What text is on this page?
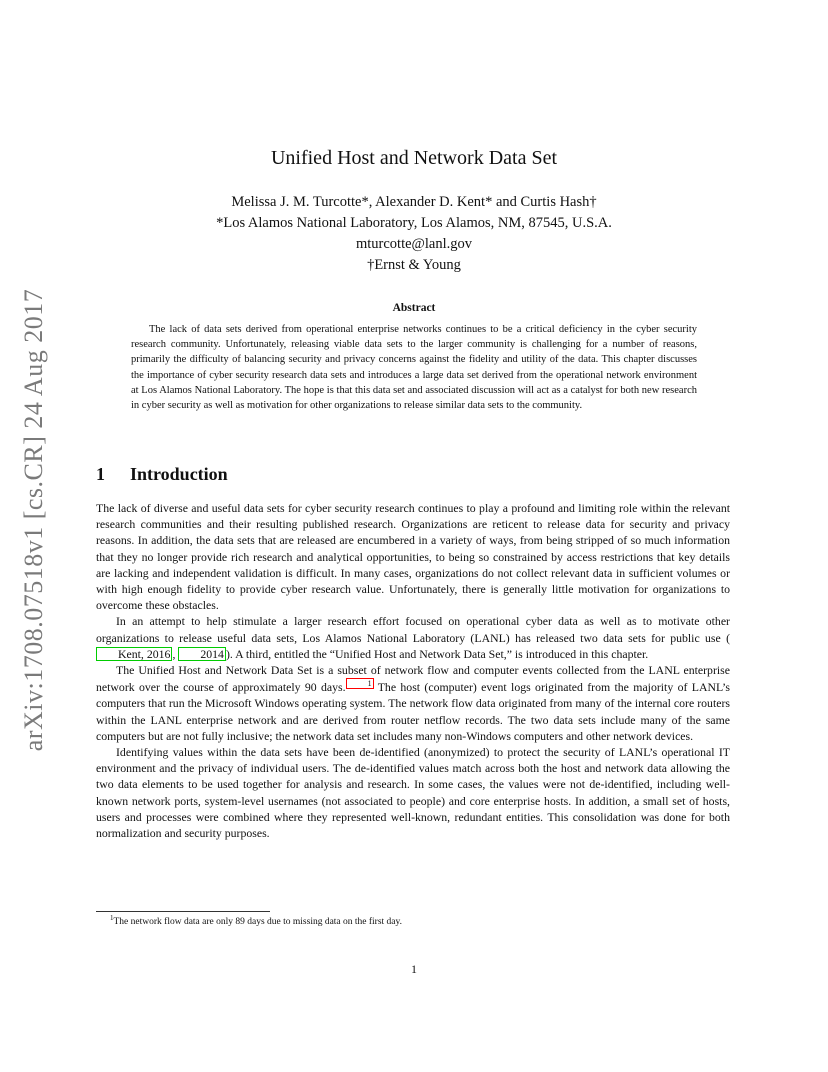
arXiv:1708.07518v1 [cs.CR] 24 Aug 2017
Unified Host and Network Data Set
Melissa J. M. Turcotte*, Alexander D. Kent* and Curtis Hash†
*Los Alamos National Laboratory, Los Alamos, NM, 87545, U.S.A.
mturcotte@lanl.gov
†Ernst & Young
Abstract
The lack of data sets derived from operational enterprise networks continues to be a critical deficiency in the cyber security research community. Unfortunately, releasing viable data sets to the larger community is challenging for a number of reasons, primarily the difficulty of balancing security and privacy concerns against the fidelity and utility of the data. This chapter discusses the importance of cyber security research data sets and introduces a large data set derived from the operational network environment at Los Alamos National Laboratory. The hope is that this data set and associated discussion will act as a catalyst for both new research in cyber security as well as motivation for other organizations to release similar data sets to the community.
1 Introduction

The lack of diverse and useful data sets for cyber security research continues to play a profound and limiting role within the relevant research communities and their resulting published research. Organizations are reticent to release data for security and privacy reasons. In addition, the data sets that are released are encumbered in a variety of ways, from being stripped of so much information that they no longer provide rich research and analytical opportunities, to being so constrained by access restrictions that key details are lacking and independent validation is difficult. In many cases, organizations do not collect relevant data in sufficient volumes or with high enough fidelity to provide cyber research value. Unfortunately, there is generally little motivation for organizations to overcome these obstacles.

In an attempt to help stimulate a larger research effort focused on operational cyber data as well as to motivate other organizations to release useful data sets, Los Alamos National Laboratory (LANL) has released two data sets for public use (Kent, 2016 , 2014 ). A third, entitled the “Unified Host and Network Data Set,” is introduced in this chapter.

The Unified Host and Network Data Set is a subset of network flow and computer events collected from the LANL enterprise network over the course of approximately 90 days.	1 The host (computer) event logs originated from the majority of LANL’s computers that run the Microsoft Windows operating system. The network flow data originated from many of the internal core routers within the LANL enterprise network and are derived from router netflow records. The two data sets include many of the same computers but are not fully inclusive; the network data set includes many non-Windows computers and other network devices.

Identifying values within the data sets have been de-identified (anonymized) to protect the security of LANL’s operational IT environment and the privacy of individual users. The de-identified values match across both the host and network data allowing the two data elements to be used together for analysis and research. In some cases, the values were not de-identified, including well-known network ports, system-level usernames (not associated to people) and core enterprise hosts. In addition, a small set of hosts, users and processes were combined where they represented well-known, redundant entities. This consolidation was done for both normalization and security purposes.

$^1$The network flow data are only 89 days due to missing data on the first day.
1
